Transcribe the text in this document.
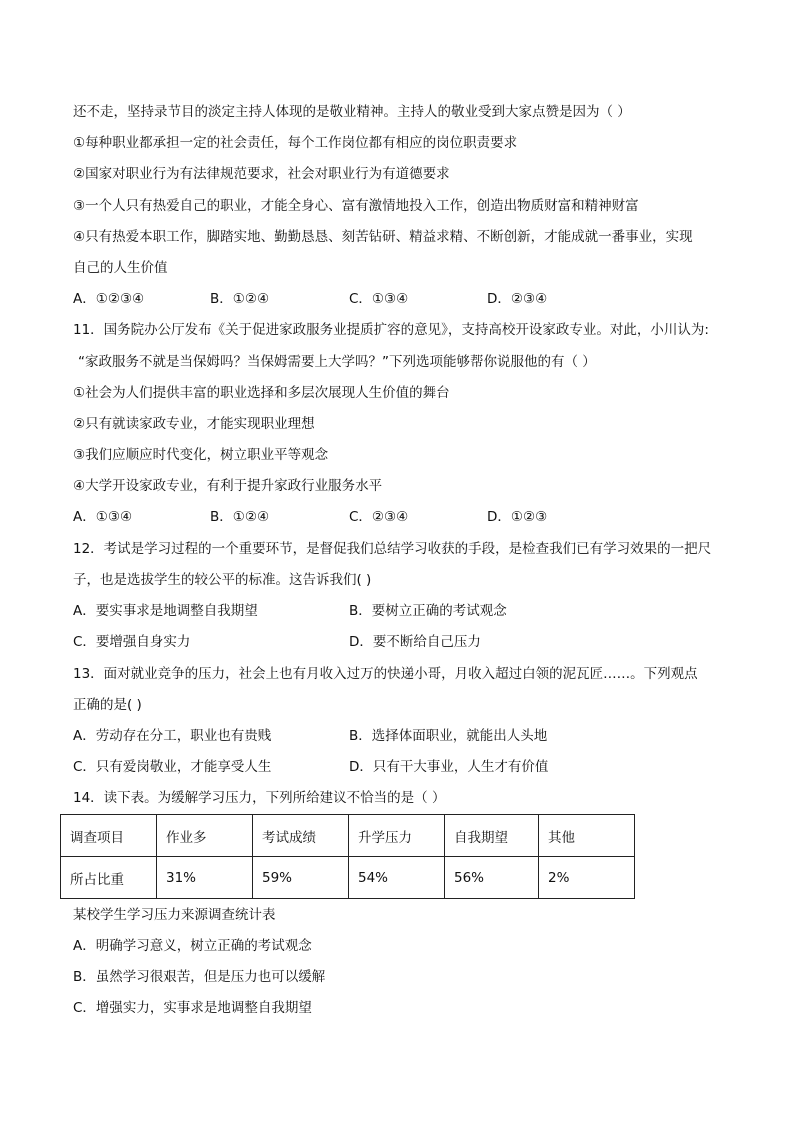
还不走，坚持录节目的淡定主持人体现的是敬业精神。主持人的敬业受到大家点赞是因为（ ）
①每种职业都承担一定的社会责任，每个工作岗位都有相应的岗位职责要求
②国家对职业行为有法律规范要求，社会对职业行为有道德要求
③一个人只有热爱自己的职业，才能全身心、富有激情地投入工作，创造出物质财富和精神财富
④只有热爱本职工作，脚踏实地、勤勤恳恳、刻苦钻研、精益求精、不断创新，才能成就一番事业，实现
自己的人生价值
A．①②③④	B．①②④	C．①③④	D．②③④
11．国务院办公厅发布《关于促进家政服务业提质扩容的意见》，支持高校开设家政专业。对此，小川认为:
“家政服务不就是当保姆吗？当保姆需要上大学吗？”下列选项能够帮你说服他的有（ ）
①社会为人们提供丰富的职业选择和多层次展现人生价值的舞台
②只有就读家政专业，才能实现职业理想
③我们应顺应时代变化，树立职业平等观念
④大学开设家政专业，有利于提升家政行业服务水平
A．①③④	B．①②④	C．②③④	D．①②③
12．考试是学习过程的一个重要环节，是督促我们总结学习收获的手段，是检查我们已有学习效果的一把尺
子，也是选拔学生的较公平的标准。这告诉我们( )
A．要实事求是地调整自我期望	B．要树立正确的考试观念
C．要增强自身实力	D．要不断给自己压力
13．面对就业竞争的压力，社会上也有月收入过万的快递小哥，月收入超过白领的泥瓦匠……。下列观点
正确的是( )
A．劳动存在分工，职业也有贵贱	B．选择体面职业，就能出人头地
C．只有爱岗敬业，才能享受人生	D．只有干大事业，人生才有价值
14．读下表。为缓解学习压力，下列所给建议不恰当的是（ ）
调查项目	作业多	考试成绩	升学压力	自我期望	其他
所占比重	31%	59%	54%	56%	2%
某校学生学习压力来源调查统计表
A．明确学习意义，树立正确的考试观念
B．虽然学习很艰苦，但是压力也可以缓解
C．增强实力，实事求是地调整自我期望
